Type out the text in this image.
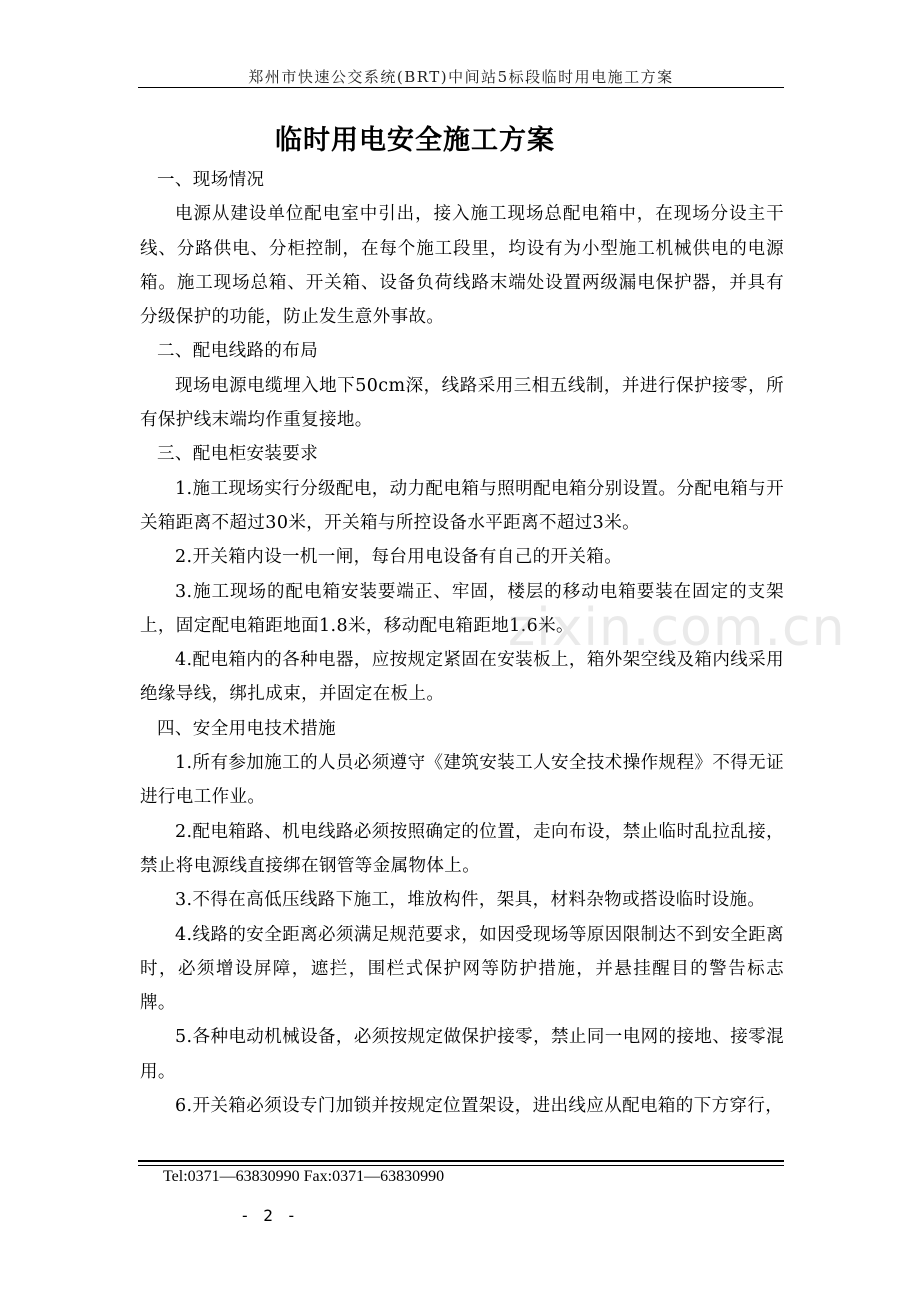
郑州市快速公交系统(BRT)中间站5标段临时用电施工方案
临时用电安全施工方案

一、现场情况

电源从建设单位配电室中引出，接入施工现场总配电箱中，在现场分设主干线、分路供电、分柜控制，在每个施工段里，均设有为小型施工机械供电的电源箱。施工现场总箱、开关箱、设备负荷线路末端处设置两级漏电保护器，并具有分级保护的功能，防止发生意外事故。

二、配电线路的布局

现场电源电缆埋入地下50cm深，线路采用三相五线制，并进行保护接零，所有保护线末端均作重复接地。

三、配电柜安装要求

1.施工现场实行分级配电，动力配电箱与照明配电箱分别设置。分配电箱与开关箱距离不超过30米，开关箱与所控设备水平距离不超过3米。

2.开关箱内设一机一闸，每台用电设备有自己的开关箱。

3.施工现场的配电箱安装要端正、牢固，楼层的移动电箱要装在固定的支架上，固定配电箱距地面1.8米，移动配电箱距地1.6米。

4.配电箱内的各种电器，应按规定紧固在安装板上，箱外架空线及箱内线采用绝缘导线，绑扎成束，并固定在板上。

四、安全用电技术措施

1.所有参加施工的人员必须遵守《建筑安装工人安全技术操作规程》不得无证进行电工作业。

2.配电箱路、机电线路必须按照确定的位置，走向布设，禁止临时乱拉乱接，禁止将电源线直接绑在钢管等金属物体上。

3.不得在高低压线路下施工，堆放构件，架具，材料杂物或搭设临时设施。

4.线路的安全距离必须满足规范要求，如因受现场等原因限制达不到安全距离时，必须增设屏障，遮拦，围栏式保护网等防护措施，并悬挂醒目的警告标志牌。

5.各种电动机械设备，必须按规定做保护接零，禁止同一电网的接地、接零混用。

6.开关箱必须设专门加锁并按规定位置架设，进出线应从配电箱的下方穿行，

zixin.com.cn
Tel:0371—63830990 Fax:0371—63830990
- 2 -
